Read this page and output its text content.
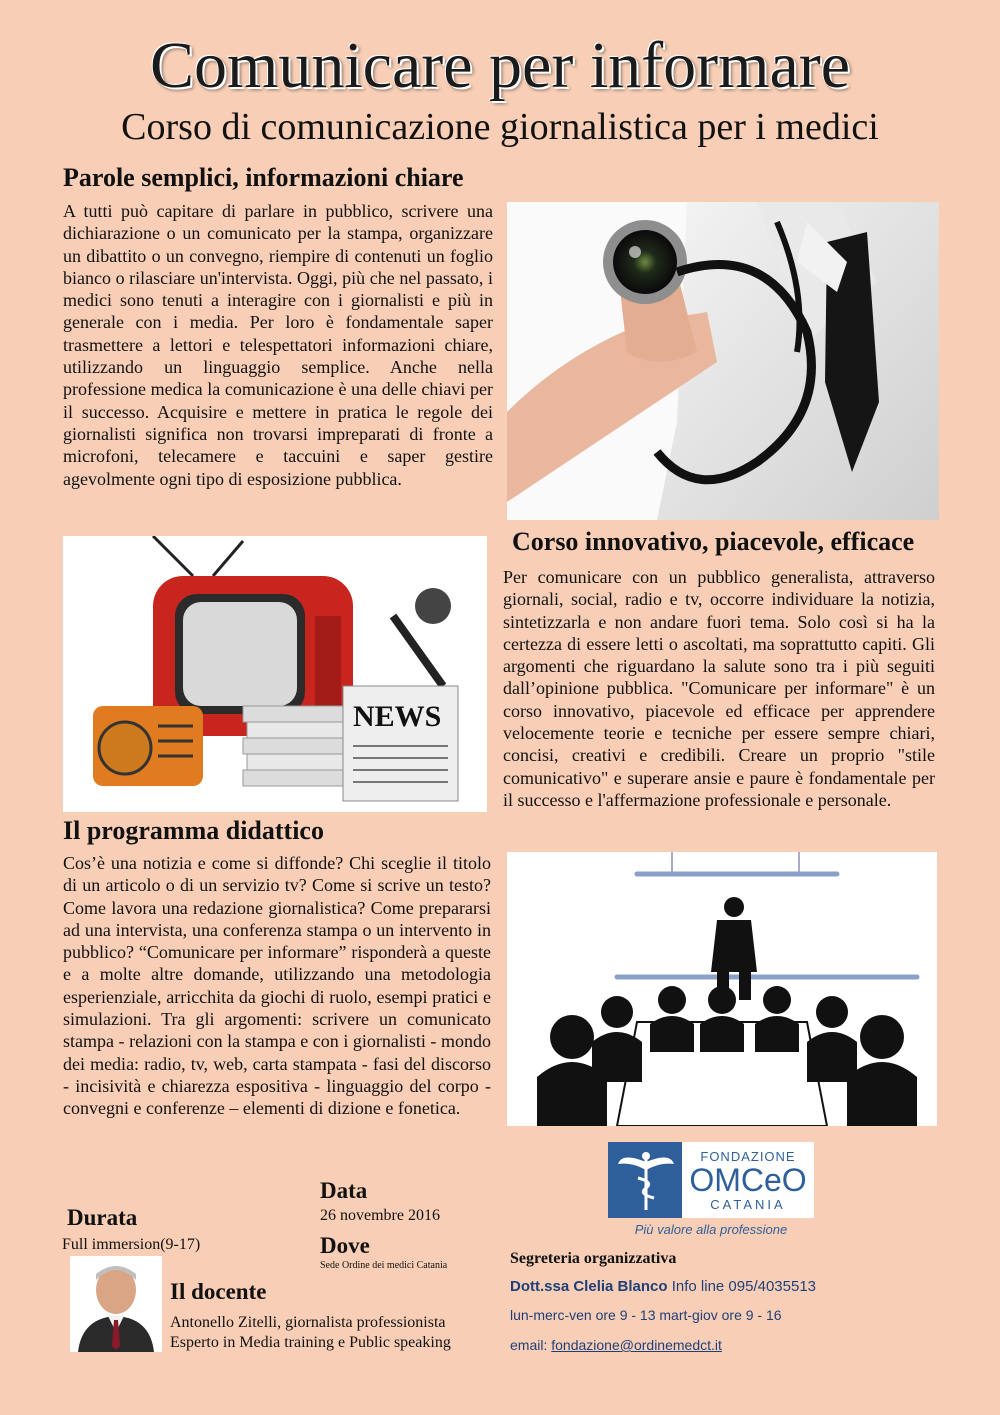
Comunicare per informare
Corso di comunicazione giornalistica per i medici
Parole semplici, informazioni chiare

A tutti può capitare di parlare in pubblico, scrivere una dichiarazione o un comunicato per la stampa, organizzare un dibattito o un convegno, riempire di contenuti un foglio bianco o rilasciare un'intervista. Oggi, più che nel passato, i medici sono tenuti a interagire con i giornalisti e più in generale con i media. Per loro è fondamentale saper trasmettere a lettori e telespettatori informazioni chiare, utilizzando un linguaggio semplice. Anche nella professione medica la comunicazione è una delle chiavi per il successo. Acquisire e mettere in pratica le regole dei giornalisti significa non trovarsi impreparati di fronte a microfoni, telecamere e taccuini e saper gestire agevolmente ogni tipo di esposizione pubblica.

Corso innovativo, piacevole, efficace

Per comunicare con un pubblico generalista, attraverso giornali, social, radio e tv, occorre individuare la notizia, sintetizzarla e non andare fuori tema. Solo così si ha la certezza di essere letti o ascoltati, ma soprattutto capiti. Gli argomenti che riguardano la salute sono tra i più seguiti dall’opinione pubblica. "Comunicare per informare" è un corso innovativo, piacevole ed efficace per apprendere velocemente teorie e tecniche per essere sempre chiari, concisi, creativi e credibili. Creare un proprio "stile comunicativo" e superare ansie e paure è fondamentale per il successo e l'affermazione professionale e personale.

NEWS
Il programma didattico

Cos’è una notizia e come si diffonde? Chi sceglie il titolo di un articolo o di un servizio tv? Come si scrive un testo? Come lavora una redazione giornalistica? Come prepararsi ad una intervista, una conferenza stampa o un intervento in pubblico? “Comunicare per informare” risponderà a queste e a molte altre domande, utilizzando una metodologia esperienziale, arricchita da giochi di ruolo, esempi pratici e simulazioni. Tra gli argomenti: scrivere un comunicato stampa - relazioni con la stampa e con i giornalisti - mondo dei media: radio, tv, web, carta stampata - fasi del discorso - incisività e chiarezza espositiva - linguaggio del corpo - convegni e conferenze – elementi di dizione e fonetica.

FONDAZIONE
OMCeO
CATANIA
Più valore alla professione
Data
26 novembre 2016
Durata
Full immersion(9-17)	Dove
Sede Ordine dei medici Catania
Il docente
Antonello Zitelli, giornalista professionista
Esperto in Media training e Public speaking
Segreteria organizzativa
Dott.ssa Clelia Blanco Info line 095/4035513
lun-merc-ven ore 9 - 13 mart-giov ore 9 - 16
email: fondazione@ordinemedct.it
